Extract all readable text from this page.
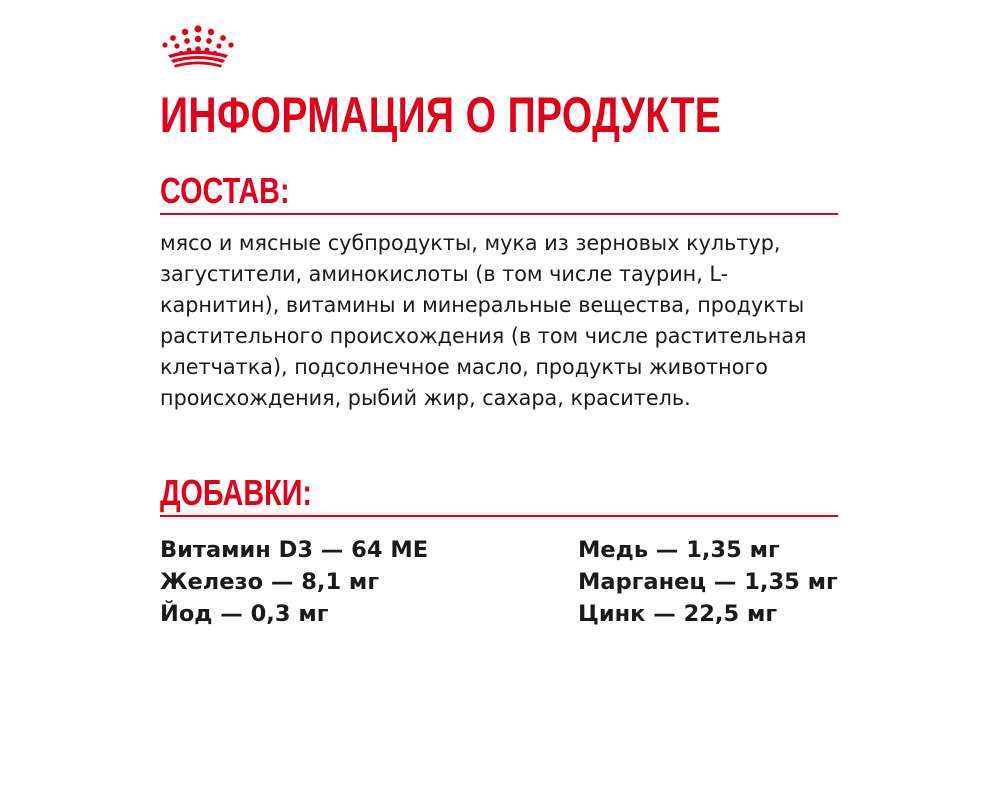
ИНФОРМАЦИЯ О ПРОДУКТЕ
СОСТАВ:

мясо и мясные субпродукты, мука из зерновых культур, загустители, аминокислоты (в том числе таурин, L-карнитин), витамины и минеральные вещества, продукты растительного происхождения (в том числе растительная клетчатка), подсолнечное масло, продукты животного происхождения, рыбий жир, сахара, краситель.

ДОБАВКИ:
Витамин D3 — 64 МЕ
Железо — 8,1 мг
Йод — 0,3 мг
Медь — 1,35 мг
Марганец — 1,35 мг
Цинк — 22,5 мг
